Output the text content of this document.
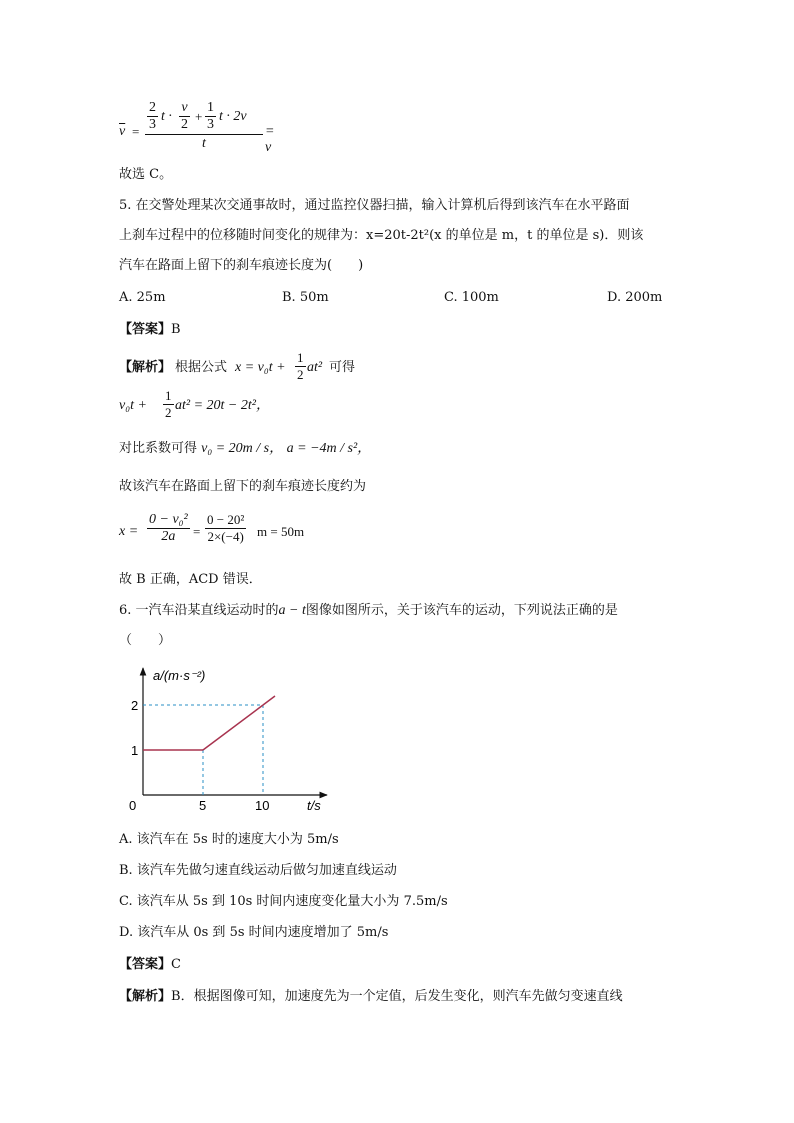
$\overline{v} = \frac{2}{3}$ $t \cdot \frac{v}{2} + \frac{1}{3}$ t · 2v
t
= v
故选 C。
5. 在交警处理某次交通事故时，通过监控仪器扫描，输入计算机后得到该汽车在水平路面
上刹车过程中的位移随时间变化的规律为：x=20t-2t²(x 的单位是 m，t 的单位是 s)．则该
汽车在路面上留下的刹车痕迹长度为(　　)
A. 25m	B. 50m	C. 100m	D. 200m
【答案】B
【解析】 根据公式 $x = v_0t + \frac{1}{2} at^2$ 可得
$v_0t + \frac{1}{2} at^2 = 20t - 2t^2$，
对比系数可得 v₀ = 20m / s， a = −4m / s²，
故该汽车在路面上留下的刹车痕迹长度约为
$x = \frac{\text{0 − v₀²}}{2a} = \frac{\text{0 − 20²}}{2\times(-4)}$ m = 50m
故 B 正确，ACD 错误．
6. 一汽车沿某直线运动时的a − t图像如图所示，关于该汽车的运动，下列说法正确的是
（　　）
a/(m·s⁻²)
t/s
0	5	10
1
2
A. 该汽车在 5s 时的速度大小为 5m/s
B. 该汽车先做匀速直线运动后做匀加速直线运动
C. 该汽车从 5s 到 10s 时间内速度变化量大小为 7.5m/s
D. 该汽车从 0s 到 5s 时间内速度增加了 5m/s
【答案】C
【解析】B．根据图像可知，加速度先为一个定值，后发生变化，则汽车先做匀变速直线
